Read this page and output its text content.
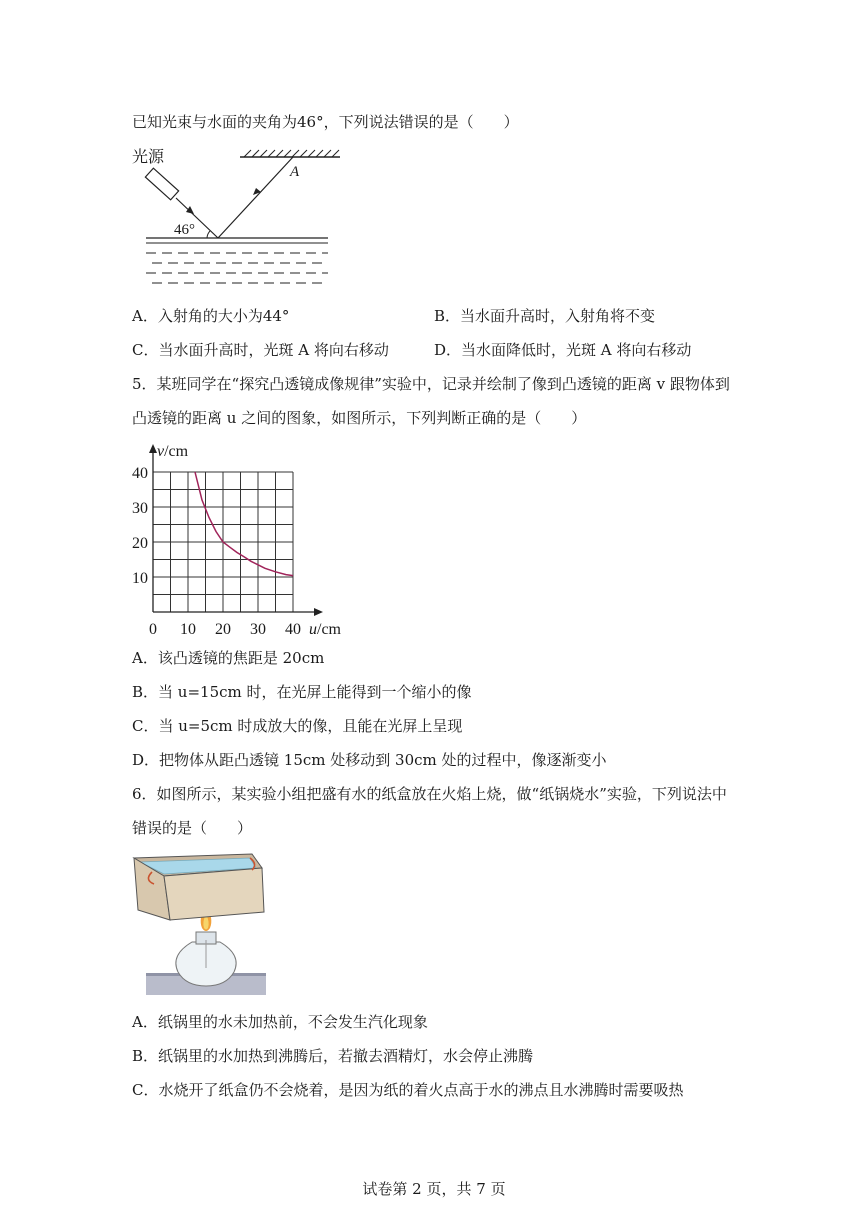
已知光束与水面的夹角为46°，下列说法错误的是（　　）
光源
46°
A
A．入射角的大小为44°	B．当水面升高时，入射角将不变
C．当水面升高时，光斑 A 将向右移动	D．当水面降低时，光斑 A 将向右移动
5．某班同学在“探究凸透镜成像规律”实验中，记录并绘制了像到凸透镜的距离 v 跟物体到
凸透镜的距离 u 之间的图象，如图所示，下列判断正确的是（　　）
0 10 20 30 40
10
20
30
40
u/cm
v/cm
A．该凸透镜的焦距是 20cm
B．当 u=15cm 时，在光屏上能得到一个缩小的像
C．当 u=5cm 时成放大的像，且能在光屏上呈现
D．把物体从距凸透镜 15cm 处移动到 30cm 处的过程中，像逐渐变小
6．如图所示，某实验小组把盛有水的纸盒放在火焰上烧，做“纸锅烧水”实验，下列说法中
错误的是（　　）
A．纸锅里的水未加热前，不会发生汽化现象
B．纸锅里的水加热到沸腾后，若撤去酒精灯，水会停止沸腾
C．水烧开了纸盒仍不会烧着，是因为纸的着火点高于水的沸点且水沸腾时需要吸热
试卷第 2 页，共 7 页
